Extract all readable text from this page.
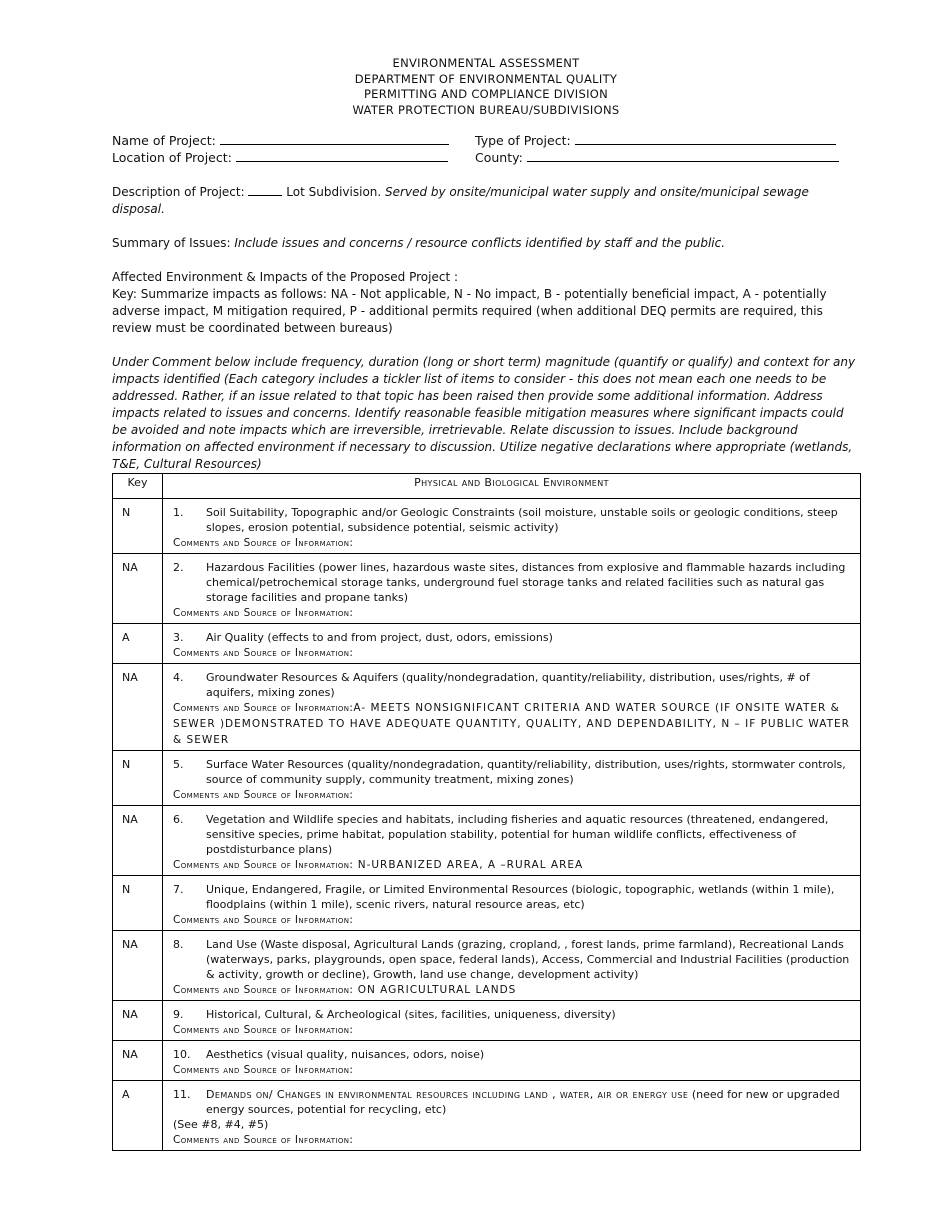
ENVIRONMENTAL ASSESSMENT
DEPARTMENT OF ENVIRONMENTAL QUALITY
PERMITTING AND COMPLIANCE DIVISION
WATER PROTECTION BUREAU/SUBDIVISIONS
Name of Project:
Location of Project:
Type of Project:
County:
Description of Project:	Lot Subdivision. Served by onsite/municipal water supply and onsite/municipal sewage disposal.
Summary of Issues: Include issues and concerns / resource conflicts identified by staff and the public.
Affected Environment & Impacts of the Proposed Project :
Key: Summarize impacts as follows: NA - Not applicable, N - No impact, B - potentially beneficial impact, A - potentially adverse impact, M mitigation required, P - additional permits required (when additional DEQ permits are required, this review must be coordinated between bureaus)
Under Comment below include frequency, duration (long or short term) magnitude (quantify or qualify) and context for any impacts identified (Each category includes a tickler list of items to consider - this does not mean each one needs to be addressed. Rather, if an issue related to that topic has been raised then provide some additional information. Address impacts related to issues and concerns. Identify reasonable feasible mitigation measures where significant impacts could be avoided and note impacts which are irreversible, irretrievable. Relate discussion to issues. Include background information on affected environment if necessary to discussion. Utilize negative declarations where appropriate (wetlands, T&E, Cultural Resources)
Key	Physical and Biological Environment
N	1. Soil Suitability, Topographic and/or Geologic Constraints (soil moisture, unstable soils or geologic conditions, steep slopes, erosion potential, subsidence potential, seismic activity)
Comments and Source of Information:

NA	2. Hazardous Facilities (power lines, hazardous waste sites, distances from explosive and flammable hazards including chemical/petrochemical storage tanks, underground fuel storage tanks and related facilities such as natural gas storage facilities and propane tanks)
Comments and Source of Information:

A	3. Air Quality (effects to and from project, dust, odors, emissions)
Comments and Source of Information:

NA	4. Groundwater Resources & Aquifers (quality/nondegradation, quantity/reliability, distribution, uses/rights, # of aquifers, mixing zones)
Comments and Source of Information:A- MEETS NONSIGNIFICANT CRITERIA AND WATER SOURCE (IF ONSITE WATER & SEWER )DEMONSTRATED TO HAVE ADEQUATE QUANTITY, QUALITY, AND DEPENDABILITY, N – IF PUBLIC WATER & SEWER

N	5. Surface Water Resources (quality/nondegradation, quantity/reliability, distribution, uses/rights, stormwater controls, source of community supply, community treatment, mixing zones)
Comments and Source of Information:

NA	6. Vegetation and Wildlife species and habitats, including fisheries and aquatic resources (threatened, endangered, sensitive species, prime habitat, population stability, potential for human wildlife conflicts, effectiveness of postdisturbance plans)
Comments and Source of Information: N-URBANIZED AREA, A –RURAL AREA

N	7. Unique, Endangered, Fragile, or Limited Environmental Resources (biologic, topographic, wetlands (within 1 mile), floodplains (within 1 mile), scenic rivers, natural resource areas, etc)
Comments and Source of Information:

NA	8. Land Use (Waste disposal, Agricultural Lands (grazing, cropland, , forest lands, prime farmland), Recreational Lands (waterways, parks, playgrounds, open space, federal lands), Access, Commercial and Industrial Facilities (production & activity, growth or decline), Growth, land use change, development activity)
Comments and Source of Information: ON AGRICULTURAL LANDS

NA	9. Historical, Cultural, & Archeological (sites, facilities, uniqueness, diversity)
Comments and Source of Information:

NA	10. Aesthetics (visual quality, nuisances, odors, noise)
Comments and Source of Information:

A	11. Demands on/ Changes in environmental resources including land , water, air or energy use (need for new or upgraded energy sources, potential for recycling, etc)
(See #8, #4, #5)
Comments and Source of Information:
